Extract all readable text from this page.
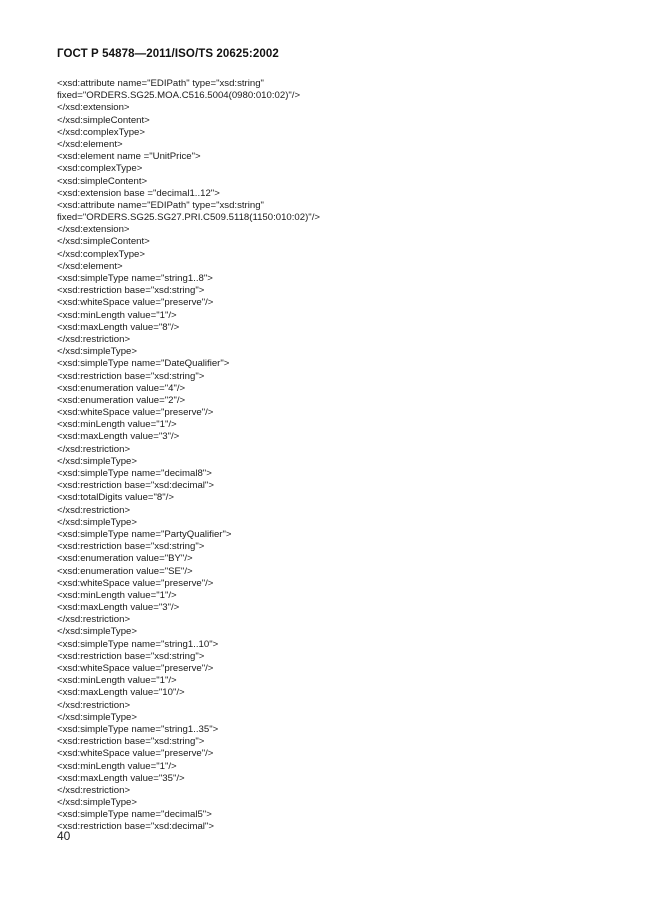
ГОСТ Р 54878—2011/ISO/TS 20625:2002
<xsd:attribute name="EDIPath" type="xsd:string"
fixed="ORDERS.SG25.MOA.C516.5004(0980:010:02)"/>
</xsd:extension>
</xsd:simpleContent>
</xsd:complexType>
</xsd:element>
<xsd:element name ="UnitPrice">
<xsd:complexType>
<xsd:simpleContent>
<xsd:extension base ="decimal1..12">
<xsd:attribute name="EDIPath" type="xsd:string"
fixed="ORDERS.SG25.SG27.PRI.C509.5118(1150:010:02)"/>
</xsd:extension>
</xsd:simpleContent>
</xsd:complexType>
</xsd:element>
<xsd:simpleType name="string1..8">
<xsd:restriction base="xsd:string">
<xsd:whiteSpace value="preserve"/>
<xsd:minLength value="1"/>
<xsd:maxLength value="8"/>
</xsd:restriction>
</xsd:simpleType>
<xsd:simpleType name="DateQualifier">
<xsd:restriction base="xsd:string">
<xsd:enumeration value="4"/>
<xsd:enumeration value="2"/>
<xsd:whiteSpace value="preserve"/>
<xsd:minLength value="1"/>
<xsd:maxLength value="3"/>
</xsd:restriction>
</xsd:simpleType>
<xsd:simpleType name="decimal8">
<xsd:restriction base="xsd:decimal">
<xsd:totalDigits value="8"/>
</xsd:restriction>
</xsd:simpleType>
<xsd:simpleType name="PartyQualifier">
<xsd:restriction base="xsd:string">
<xsd:enumeration value="BY"/>
<xsd:enumeration value="SE"/>
<xsd:whiteSpace value="preserve"/>
<xsd:minLength value="1"/>
<xsd:maxLength value="3"/>
</xsd:restriction>
</xsd:simpleType>
<xsd:simpleType name="string1..10">
<xsd:restriction base="xsd:string">
<xsd:whiteSpace value="preserve"/>
<xsd:minLength value="1"/>
<xsd:maxLength value="10"/>
</xsd:restriction>
</xsd:simpleType>
<xsd:simpleType name="string1..35">
<xsd:restriction base="xsd:string">
<xsd:whiteSpace value="preserve"/>
<xsd:minLength value="1"/>
<xsd:maxLength value="35"/>
</xsd:restriction>
</xsd:simpleType>
<xsd:simpleType name="decimal5">
<xsd:restriction base="xsd:decimal">
40
